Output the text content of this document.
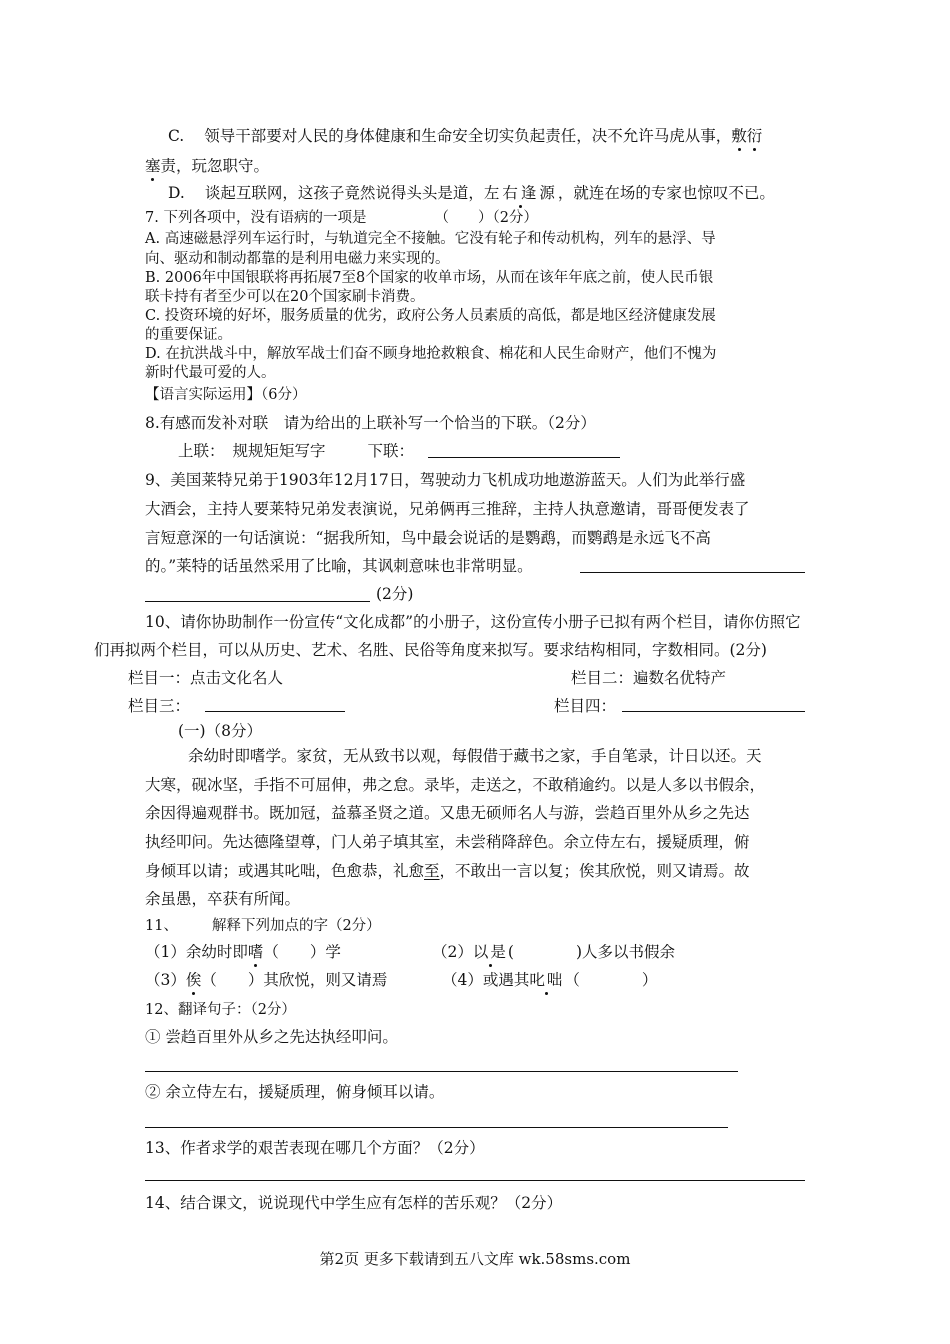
C. 领导干部要对人民的身体健康和生命安全切实负起责任，决不允许马虎从事，敷衍
塞责，玩忽职守。
D. 谈起互联网，这孩子竟然说得头头是道，左右逢源，就连在场的专家也惊叹不已。
7. 下列各项中，没有语病的一项是	（　　）（2分）
A. 高速磁悬浮列车运行时，与轨道完全不接触。它没有轮子和传动机构，列车的悬浮、导
向、驱动和制动都靠的是利用电磁力来实现的。
B. 2006年中国银联将再拓展7至8个国家的收单市场，从而在该年年底之前，使人民币银
联卡持有者至少可以在20个国家刷卡消费。
C. 投资环境的好坏，服务质量的优劣，政府公务人员素质的高低，都是地区经济健康发展
的重要保证。
D. 在抗洪战斗中，解放军战士们奋不顾身地抢救粮食、棉花和人民生命财产，他们不愧为
新时代最可爱的人。
【语言实际运用】（6分）
8.有感而发补对联　请为给出的上联补写一个恰当的下联。（2分）
上联： 规规矩矩写字	下联：
9、美国莱特兄弟于1903年12月17日，驾驶动力飞机成功地遨游蓝天。人们为此举行盛
大酒会，主持人要莱特兄弟发表演说，兄弟俩再三推辞，主持人执意邀请，哥哥便发表了
言短意深的一句话演说：“据我所知，鸟中最会说话的是鹦鹉，而鹦鹉是永远飞不高
的。”莱特的话虽然采用了比喻，其讽刺意味也非常明显。
(2分)
10、请你协助制作一份宣传“文化成都”的小册子，这份宣传小册子已拟有两个栏目，请你仿照它
们再拟两个栏目，可以从历史、艺术、名胜、民俗等角度来拟写。要求结构相同，字数相同。(2分)
栏目一：点击文化名人	栏目二：遍数名优特产
栏目三：	栏目四：
(一)（8分）
余幼时即嗜学。家贫，无从致书以观，每假借于藏书之家，手自笔录，计日以还。天
大寒，砚冰坚，手指不可屈伸，弗之怠。录毕，走送之，不敢稍逾约。以是人多以书假余，
余因得遍观群书。既加冠，益慕圣贤之道。又患无硕师名人与游，尝趋百里外从乡之先达
执经叩问。先达德隆望尊，门人弟子填其室，未尝稍降辞色。余立侍左右，援疑质理，俯
身倾耳以请；或遇其叱咄，色愈恭，礼愈至，不敢出一言以复；俟其欣悦，则又请焉。故
余虽愚，卒获有所闻。
11、 解释下列加点的字（2分）
（1）余幼时即嗜（　　）学	（2）以是(　　　　)人多以书假余
（3）俟（　　）其欣悦，则又请焉	（4）或遇其叱咄（　　　　）
12、翻译句子：（2分）
① 尝趋百里外从乡之先达执经叩问。
② 余立侍左右，援疑质理，俯身倾耳以请。
13、作者求学的艰苦表现在哪几个方面？（2分）
14、结合课文，说说现代中学生应有怎样的苦乐观？（2分）
第2页 更多下载请到五八文库 wk.58sms.com
